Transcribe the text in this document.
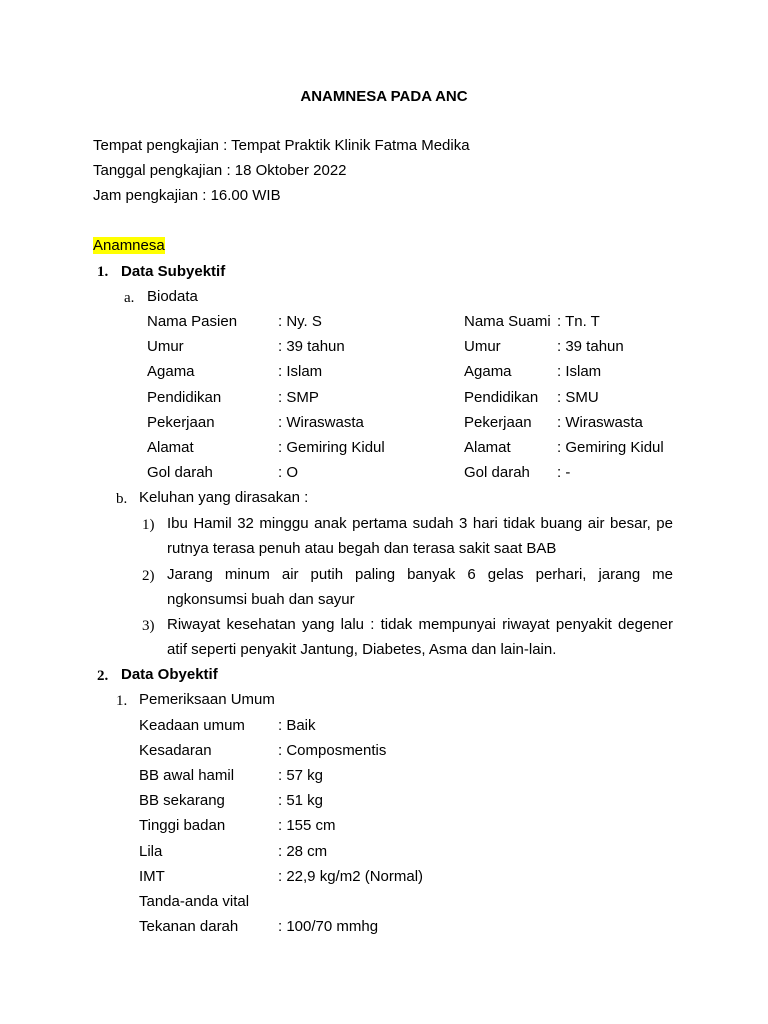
ANAMNESA PADA ANC
Tempat pengkajian : Tempat Praktik Klinik Fatma Medika
Tanggal pengkajian : 18 Oktober 2022
Jam pengkajian : 16.00 WIB
Anamnesa
1. Data Subyektif
a. Biodata
Nama Pasien	: Ny. S	Nama Suami : Tn. T
Umur	: 39 tahun	Umur	: 39 tahun
Agama	: Islam	Agama	: Islam
Pendidikan	: SMP	Pendidikan : SMU
Pekerjaan	: Wiraswasta	Pekerjaan : Wiraswasta
Alamat	: Gemiring Kidul	Alamat	: Gemiring Kidul
Gol darah	: O	Gol darah : -
b. Keluhan yang dirasakan :
1) Ibu Hamil 32 minggu anak pertama sudah 3 hari tidak buang air besar, pe
rutnya terasa penuh atau begah dan terasa sakit saat BAB
2) Jarang minum air putih paling banyak 6 gelas perhari, jarang me
ngkonsumsi buah dan sayur
3) Riwayat kesehatan yang lalu : tidak mempunyai riwayat penyakit degener
atif seperti penyakit Jantung, Diabetes, Asma dan lain-lain.
2. Data Obyektif
1. Pemeriksaan Umum
Keadaan umum : Baik
Kesadaran	: Composmentis
BB awal hamil	: 57 kg
BB sekarang	: 51 kg
Tinggi badan	: 155 cm
Lila	: 28 cm
IMT	: 22,9 kg/m2 (Normal)
Tanda-anda vital
Tekanan darah	: 100/70 mmhg
